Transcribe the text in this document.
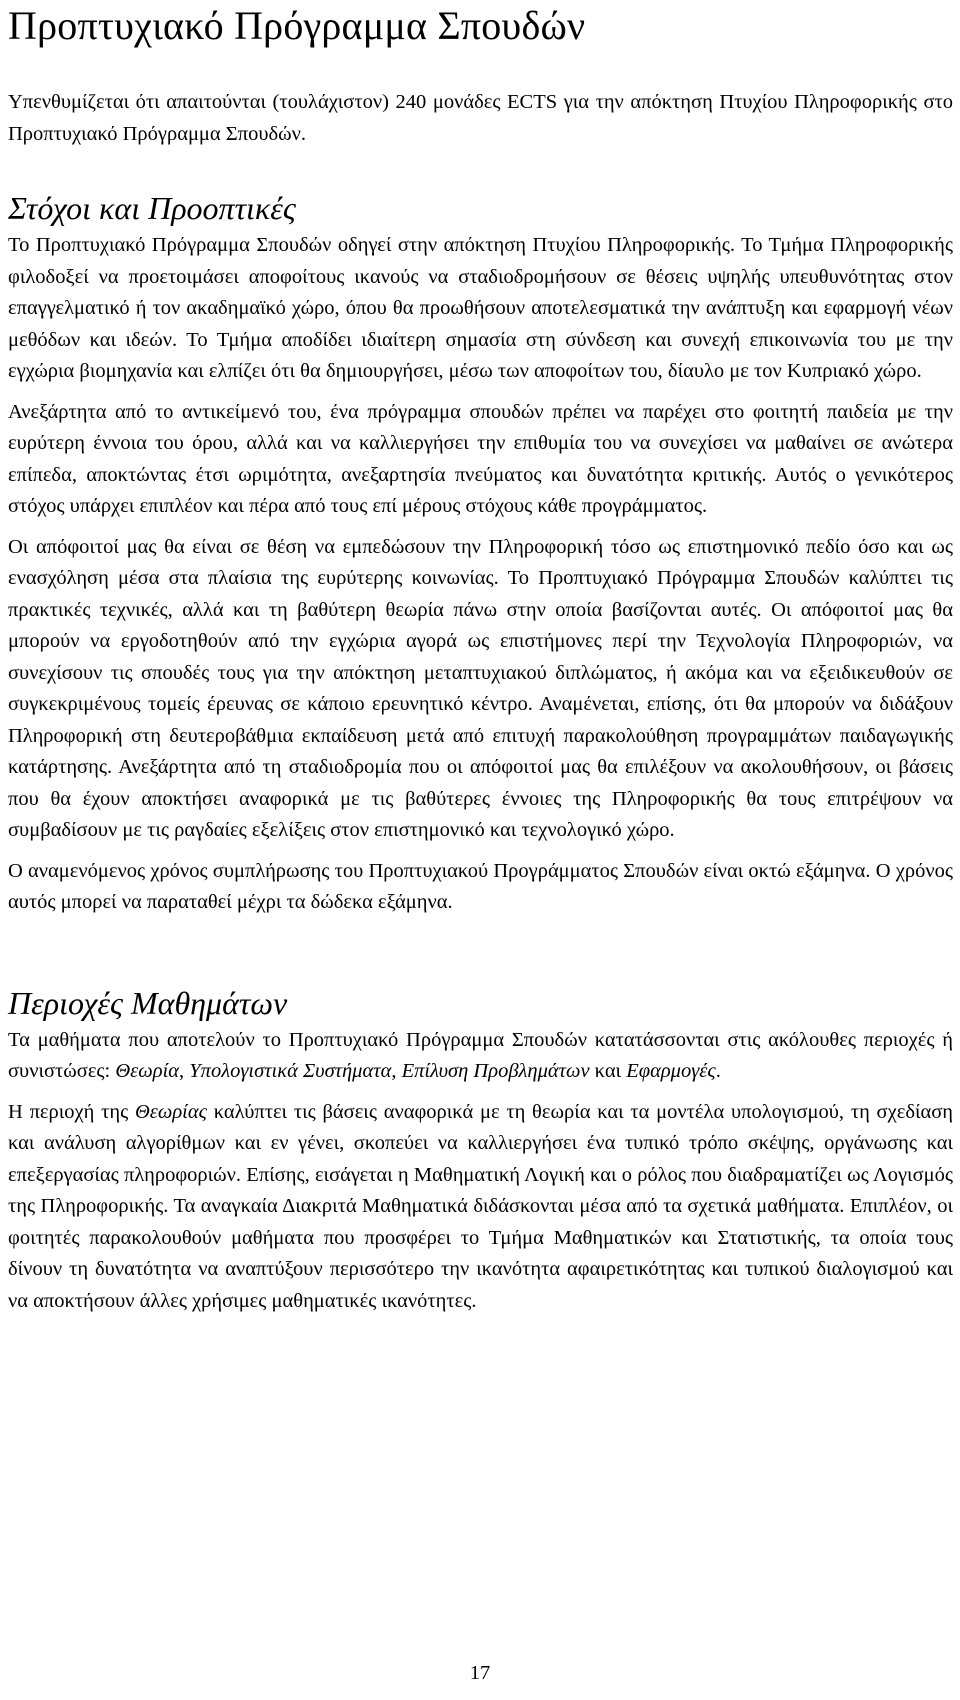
Προπτυχιακό Πρόγραμμα Σπουδών

Υπενθυμίζεται ότι απαιτούνται (τουλάχιστον) 240 μονάδες ECTS για την απόκτηση Πτυχίου Πληροφορικής στο Προπτυχιακό Πρόγραμμα Σπουδών.

Στόχοι και Προοπτικές

Το Προπτυχιακό Πρόγραμμα Σπουδών οδηγεί στην απόκτηση Πτυχίου Πληροφορικής. Το Τμήμα Πληροφορικής φιλοδοξεί να προετοιμάσει αποφοίτους ικανούς να σταδιοδρομήσουν σε θέσεις υψηλής υπευθυνότητας στον επαγγελματικό ή τον ακαδημαϊκό χώρο, όπου θα προωθήσουν αποτελεσματικά την ανάπτυξη και εφαρμογή νέων μεθόδων και ιδεών. Το Τμήμα αποδίδει ιδιαίτερη σημασία στη σύνδεση και συνεχή επικοινωνία του με την εγχώρια βιομηχανία και ελπίζει ότι θα δημιουργήσει, μέσω των αποφοίτων του, δίαυλο με τον Κυπριακό χώρο.

Ανεξάρτητα από το αντικείμενό του, ένα πρόγραμμα σπουδών πρέπει να παρέχει στο φοιτητή παιδεία με την ευρύτερη έννοια του όρου, αλλά και να καλλιεργήσει την επιθυμία του να συνεχίσει να μαθαίνει σε ανώτερα επίπεδα, αποκτώντας έτσι ωριμότητα, ανεξαρτησία πνεύματος και δυνατότητα κριτικής. Αυτός ο γενικότερος στόχος υπάρχει επιπλέον και πέρα από τους επί μέρους στόχους κάθε προγράμματος.

Οι απόφοιτοί μας θα είναι σε θέση να εμπεδώσουν την Πληροφορική τόσο ως επιστημονικό πεδίο όσο και ως ενασχόληση μέσα στα πλαίσια της ευρύτερης κοινωνίας. Το Προπτυχιακό Πρόγραμμα Σπουδών καλύπτει τις πρακτικές τεχνικές, αλλά και τη βαθύτερη θεωρία πάνω στην οποία βασίζονται αυτές. Οι απόφοιτοί μας θα μπορούν να εργοδοτηθούν από την εγχώρια αγορά ως επιστήμονες περί την Τεχνολογία Πληροφοριών, να συνεχίσουν τις σπουδές τους για την απόκτηση μεταπτυχιακού διπλώματος, ή ακόμα και να εξειδικευθούν σε συγκεκριμένους τομείς έρευνας σε κάποιο ερευνητικό κέντρο. Αναμένεται, επίσης, ότι θα μπορούν να διδάξουν Πληροφορική στη δευτεροβάθμια εκπαίδευση μετά από επιτυχή παρακολούθηση προγραμμάτων παιδαγωγικής κατάρτησης. Ανεξάρτητα από τη σταδιοδρομία που οι απόφοιτοί μας θα επιλέξουν να ακολουθήσουν, οι βάσεις που θα έχουν αποκτήσει αναφορικά με τις βαθύτερες έννοιες της Πληροφορικής θα τους επιτρέψουν να συμβαδίσουν με τις ραγδαίες εξελίξεις στον επιστημονικό και τεχνολογικό χώρο.

Ο αναμενόμενος χρόνος συμπλήρωσης του Προπτυχιακού Προγράμματος Σπουδών είναι οκτώ εξάμηνα. Ο χρόνος αυτός μπορεί να παραταθεί μέχρι τα δώδεκα εξάμηνα.

Περιοχές Μαθημάτων

Τα μαθήματα που αποτελούν το Προπτυχιακό Πρόγραμμα Σπουδών κατατάσσονται στις ακόλουθες περιοχές ή συνιστώσες: Θεωρία, Υπολογιστικά Συστήματα, Επίλυση Προβλημάτων και Εφαρμογές.

Η περιοχή της Θεωρίας καλύπτει τις βάσεις αναφορικά με τη θεωρία και τα μοντέλα υπολογισμού, τη σχεδίαση και ανάλυση αλγορίθμων και εν γένει, σκοπεύει να καλλιεργήσει ένα τυπικό τρόπο σκέψης, οργάνωσης και επεξεργασίας πληροφοριών. Επίσης, εισάγεται η Μαθηματική Λογική και ο ρόλος που διαδραματίζει ως Λογισμός της Πληροφορικής. Τα αναγκαία Διακριτά Μαθηματικά διδάσκονται μέσα από τα σχετικά μαθήματα. Επιπλέον, οι φοιτητές παρακολουθούν μαθήματα που προσφέρει το Τμήμα Μαθηματικών και Στατιστικής, τα οποία τους δίνουν τη δυνατότητα να αναπτύξουν περισσότερο την ικανότητα αφαιρετικότητας και τυπικού διαλογισμού και να αποκτήσουν άλλες χρήσιμες μαθηματικές ικανότητες.

17
